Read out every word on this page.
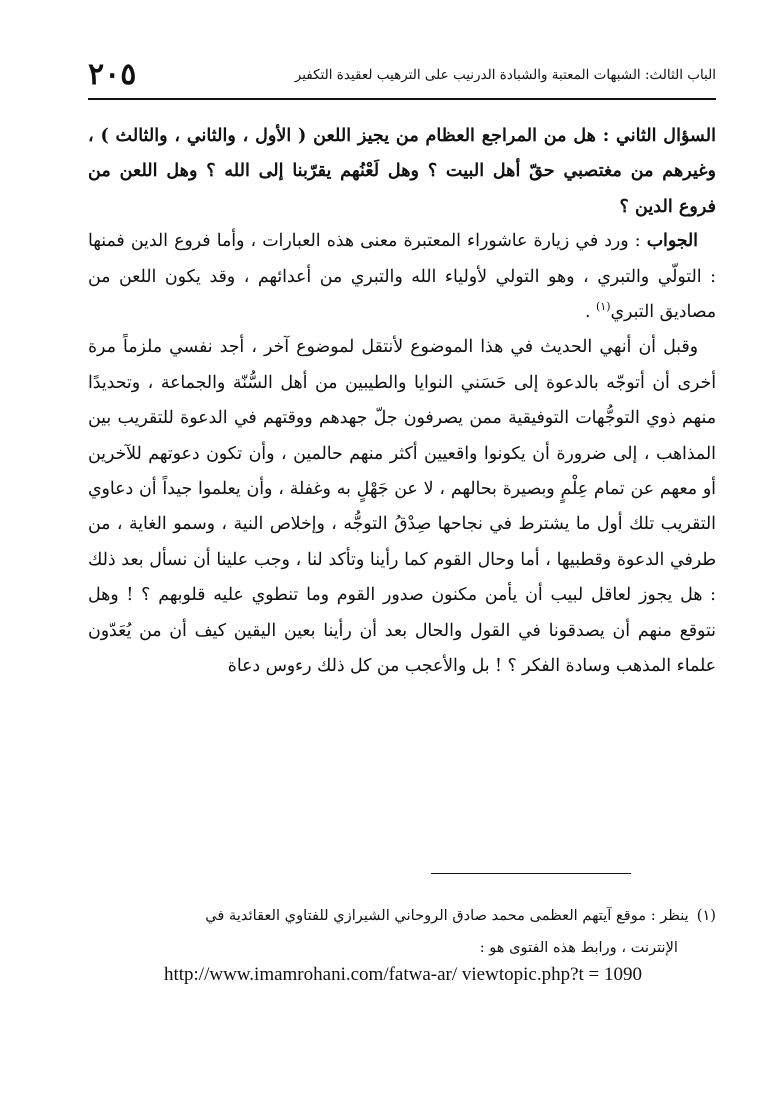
٢٠٥	الباب الثالث: الشبهات المعتبة والشبادة الدرنيب على الترهيب لعقيدة التكفير

السؤال الثاني : هل من المراجع العظام من يجيز اللعن ( الأول ، والثاني ، والثالث ) ، وغيرهم من مغتصبي حقّ أهل البيت ؟ وهل لَعْنُهم يقرّبنا إلى الله ؟ وهل اللعن من فروع الدين ؟

الجواب : ورد في زيارة عاشوراء المعتبرة معنى هذه العبارات ، وأما فروع الدين فمنها : التولّي والتبري ، وهو التولي لأولياء الله والتبري من أعدائهم ، وقد يكون اللعن من مصاديق التبري$^{(١)}$ .

وقبل أن أنهي الحديث في هذا الموضوع لأنتقل لموضوع آخر ، أجد نفسي ملزماً مرة أخرى أن أتوجّه بالدعوة إلى حَسَني النوايا والطيبين من أهل السُّنّة والجماعة ، وتحديدًا منهم ذوي التوجُّهات التوفيقية ممن يصرفون جلّ جهدهم ووقتهم في الدعوة للتقريب بين المذاهب ، إلى ضرورة أن يكونوا واقعيين أكثر منهم حالمين ، وأن تكون دعوتهم للآخرين أو معهم عن تمام عِلْمٍ وبصيرة بحالهم ، لا عن جَهْلٍ به وغفلة ، وأن يعلموا جيداً أن دعاوي التقريب تلك أول ما يشترط في نجاحها صِدْقُ التوجُّه ، وإخلاص النية ، وسمو الغاية ، من طرفي الدعوة وقطبيها ، أما وحال القوم كما رأينا وتأكد لنا ، وجب علينا أن نسأل بعد ذلك : هل يجوز لعاقل لبيب أن يأمن مكنون صدور القوم وما تنطوي عليه قلوبهم ؟ ! وهل نتوقع منهم أن يصدقونا في القول والحال بعد أن رأينا بعين اليقين كيف أن من يُعَدّون علماء المذهب وسادة الفكر ؟ ! بل والأعجب من كل ذلك رءوس دعاة

(١)ينظر : موقع آيتهم العظمى محمد صادق الروحاني الشيرازي للفتاوي العقائدية في

الإنترنت ، ورابط هذه الفتوى هو :

http://www.imamrohani.com/fatwa-ar/ viewtopic.php?t = 1090
